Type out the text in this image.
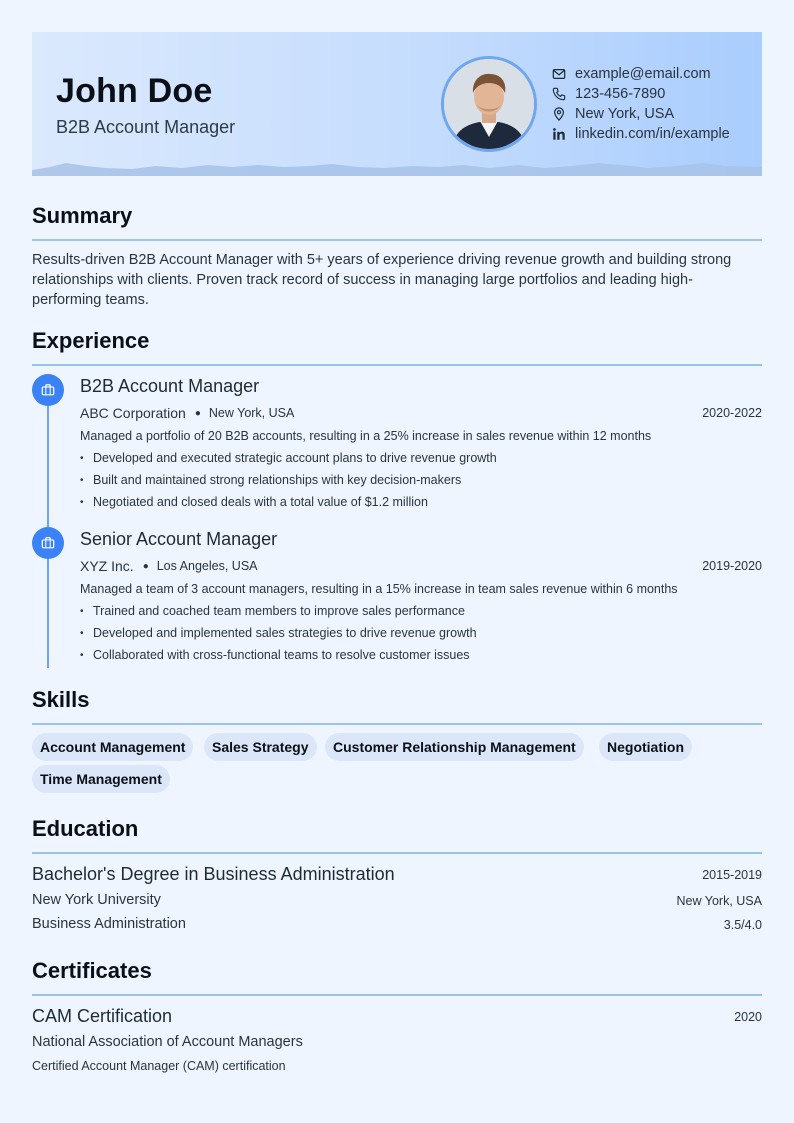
John Doe
B2B Account Manager
example@email.com
123-456-7890
New York, USA
linkedin.com/in/example
Summary
Results-driven B2B Account Manager with 5+ years of experience driving revenue growth and building strong relationships with clients. Proven track record of success in managing large portfolios and leading high-performing teams.
Experience
B2B Account Manager
ABC Corporation ● New York, USA	2020-2022
Managed a portfolio of 20 B2B accounts, resulting in a 25% increase in sales revenue within 12 months
• Developed and executed strategic account plans to drive revenue growth
• Built and maintained strong relationships with key decision-makers
• Negotiated and closed deals with a total value of $1.2 million
Senior Account Manager
XYZ Inc. ● Los Angeles, USA	2019-2020
Managed a team of 3 account managers, resulting in a 15% increase in team sales revenue within 6 months
• Trained and coached team members to improve sales performance
• Developed and implemented sales strategies to drive revenue growth
• Collaborated with cross-functional teams to resolve customer issues
Skills
Account Management	Sales Strategy	Customer Relationship Management	Negotiation
Time Management
Education
Bachelor's Degree in Business Administration	2015-2019
New York University	New York, USA
Business Administration	3.5/4.0
Certificates
CAM Certification	2020
National Association of Account Managers
Certified Account Manager (CAM) certification
